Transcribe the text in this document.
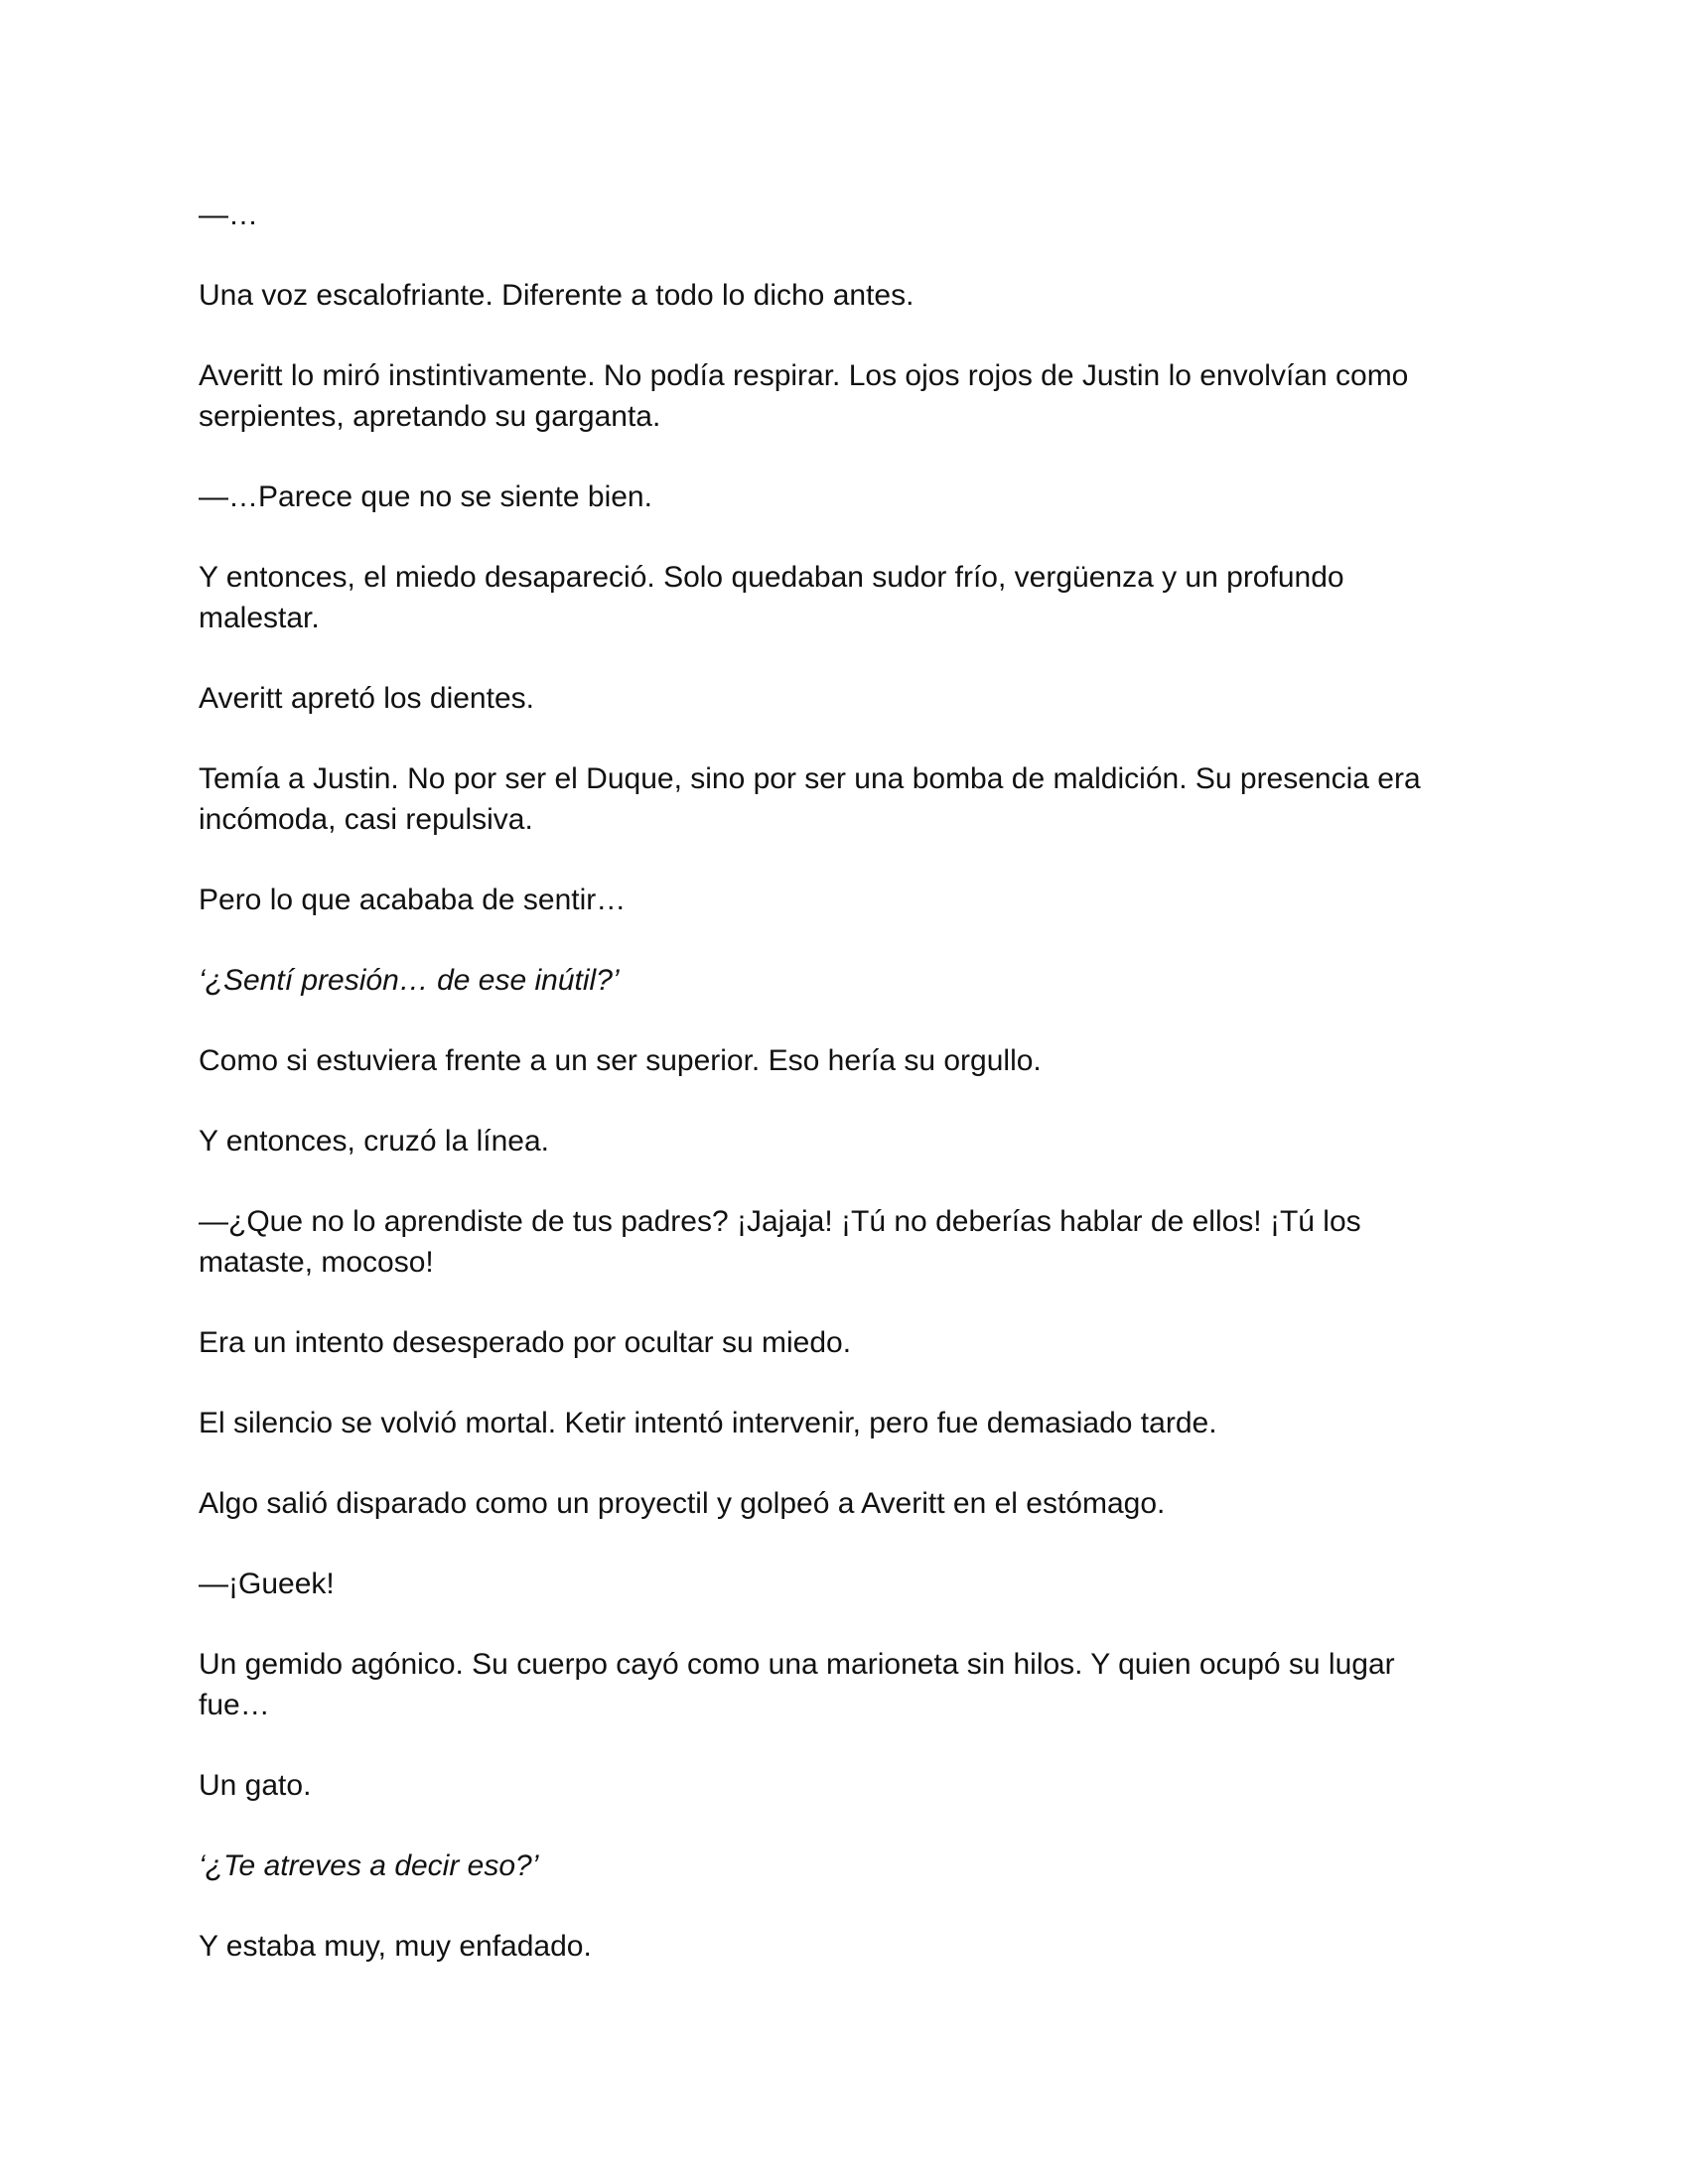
—…

Una voz escalofriante. Diferente a todo lo dicho antes.

Averitt lo miró instintivamente. No podía respirar. Los ojos rojos de Justin lo envolvían como serpientes, apretando su garganta.

—…Parece que no se siente bien.

Y entonces, el miedo desapareció. Solo quedaban sudor frío, vergüenza y un profundo malestar.

Averitt apretó los dientes.

Temía a Justin. No por ser el Duque, sino por ser una bomba de maldición. Su presencia era incómoda, casi repulsiva.

Pero lo que acababa de sentir…

‘¿Sentí presión… de ese inútil?’

Como si estuviera frente a un ser superior. Eso hería su orgullo.

Y entonces, cruzó la línea.

—¿Que no lo aprendiste de tus padres? ¡Jajaja! ¡Tú no deberías hablar de ellos! ¡Tú los mataste, mocoso!

Era un intento desesperado por ocultar su miedo.

El silencio se volvió mortal. Ketir intentó intervenir, pero fue demasiado tarde.

Algo salió disparado como un proyectil y golpeó a Averitt en el estómago.

—¡Gueek!

Un gemido agónico. Su cuerpo cayó como una marioneta sin hilos. Y quien ocupó su lugar fue…

Un gato.

‘¿Te atreves a decir eso?’

Y estaba muy, muy enfadado.
